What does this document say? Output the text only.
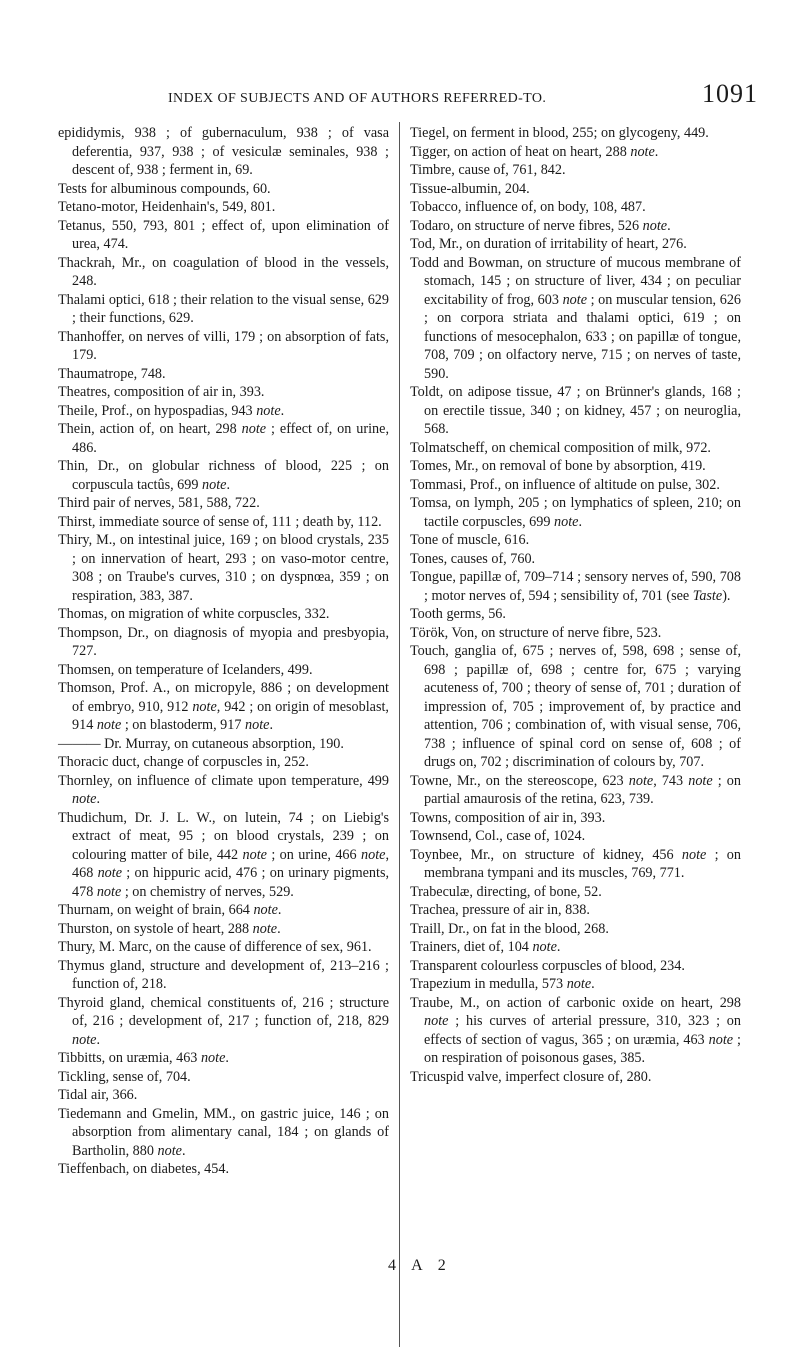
INDEX OF SUBJECTS AND OF AUTHORS REFERRED-TO.	1091

epididymis, 938 ; of gubernaculum, 938 ; of vasa deferentia, 937, 938 ; of vesiculæ seminales, 938 ; descent of, 938 ; ferment in, 69.

Tests for albuminous compounds, 60.

Tetano-motor, Heidenhain's, 549, 801.

Tetanus, 550, 793, 801 ; effect of, upon elimination of urea, 474.

Thackrah, Mr., on coagulation of blood in the vessels, 248.

Thalami optici, 618 ; their relation to the visual sense, 629 ; their functions, 629.

Thanhoffer, on nerves of villi, 179 ; on absorption of fats, 179.

Thaumatrope, 748.

Theatres, composition of air in, 393.

Theile, Prof., on hypospadias, 943 note.

Thein, action of, on heart, 298 note ; effect of, on urine, 486.

Thin, Dr., on globular richness of blood, 225 ; on corpuscula tactûs, 699 note.

Third pair of nerves, 581, 588, 722.

Thirst, immediate source of sense of, 111 ; death by, 112.

Thiry, M., on intestinal juice, 169 ; on blood crystals, 235 ; on innervation of heart, 293 ; on vaso-motor centre, 308 ; on Traube's curves, 310 ; on dyspnœa, 359 ; on respiration, 383, 387.

Thomas, on migration of white corpuscles, 332.

Thompson, Dr., on diagnosis of myopia and presbyopia, 727.

Thomsen, on temperature of Icelanders, 499.

Thomson, Prof. A., on micropyle, 886 ; on development of embryo, 910, 912 note, 942 ; on origin of mesoblast, 914 note ; on blastoderm, 917 note.

——— Dr. Murray, on cutaneous absorption, 190.

Thoracic duct, change of corpuscles in, 252.

Thornley, on influence of climate upon temperature, 499 note.

Thudichum, Dr. J. L. W., on lutein, 74 ; on Liebig's extract of meat, 95 ; on blood crystals, 239 ; on colouring matter of bile, 442 note ; on urine, 466 note, 468 note ; on hippuric acid, 476 ; on urinary pigments, 478 note ; on chemistry of nerves, 529.

Thurnam, on weight of brain, 664 note.

Thurston, on systole of heart, 288 note.

Thury, M. Marc, on the cause of difference of sex, 961.

Thymus gland, structure and development of, 213–216 ; function of, 218.

Thyroid gland, chemical constituents of, 216 ; structure of, 216 ; development of, 217 ; function of, 218, 829 note.

Tibbitts, on uræmia, 463 note.

Tickling, sense of, 704.

Tidal air, 366.

Tiedemann and Gmelin, MM., on gastric juice, 146 ; on absorption from alimentary canal, 184 ; on glands of Bartholin, 880 note.

Tieffenbach, on diabetes, 454.

Tiegel, on ferment in blood, 255; on glycogeny, 449.

Tigger, on action of heat on heart, 288 note.

Timbre, cause of, 761, 842.

Tissue-albumin, 204.

Tobacco, influence of, on body, 108, 487.

Todaro, on structure of nerve fibres, 526 note.

Tod, Mr., on duration of irritability of heart, 276.

Todd and Bowman, on structure of mucous membrane of stomach, 145 ; on structure of liver, 434 ; on peculiar excitability of frog, 603 note ; on muscular tension, 626 ; on corpora striata and thalami optici, 619 ; on functions of mesocephalon, 633 ; on papillæ of tongue, 708, 709 ; on olfactory nerve, 715 ; on nerves of taste, 590.

Toldt, on adipose tissue, 47 ; on Brünner's glands, 168 ; on erectile tissue, 340 ; on kidney, 457 ; on neuroglia, 568.

Tolmatscheff, on chemical composition of milk, 972.

Tomes, Mr., on removal of bone by absorption, 419.

Tommasi, Prof., on influence of altitude on pulse, 302.

Tomsa, on lymph, 205 ; on lymphatics of spleen, 210; on tactile corpuscles, 699 note.

Tone of muscle, 616.

Tones, causes of, 760.

Tongue, papillæ of, 709–714 ; sensory nerves of, 590, 708 ; motor nerves of, 594 ; sensibility of, 701 (see Taste).

Tooth germs, 56.

Török, Von, on structure of nerve fibre, 523.

Touch, ganglia of, 675 ; nerves of, 598, 698 ; sense of, 698 ; papillæ of, 698 ; centre for, 675 ; varying acuteness of, 700 ; theory of sense of, 701 ; duration of impression of, 705 ; improvement of, by practice and attention, 706 ; combination of, with visual sense, 706, 738 ; influence of spinal cord on sense of, 608 ; of drugs on, 702 ; discrimination of colours by, 707.

Towne, Mr., on the stereoscope, 623 note, 743 note ; on partial amaurosis of the retina, 623, 739.

Towns, composition of air in, 393.

Townsend, Col., case of, 1024.

Toynbee, Mr., on structure of kidney, 456 note ; on membrana tympani and its muscles, 769, 771.

Trabeculæ, directing, of bone, 52.

Trachea, pressure of air in, 838.

Traill, Dr., on fat in the blood, 268.

Trainers, diet of, 104 note.

Transparent colourless corpuscles of blood, 234.

Trapezium in medulla, 573 note.

Traube, M., on action of carbonic oxide on heart, 298 note ; his curves of arterial pressure, 310, 323 ; on effects of section of vagus, 365 ; on uræmia, 463 note ; on respiration of poisonous gases, 385.

Tricuspid valve, imperfect closure of, 280.

4 A 2
